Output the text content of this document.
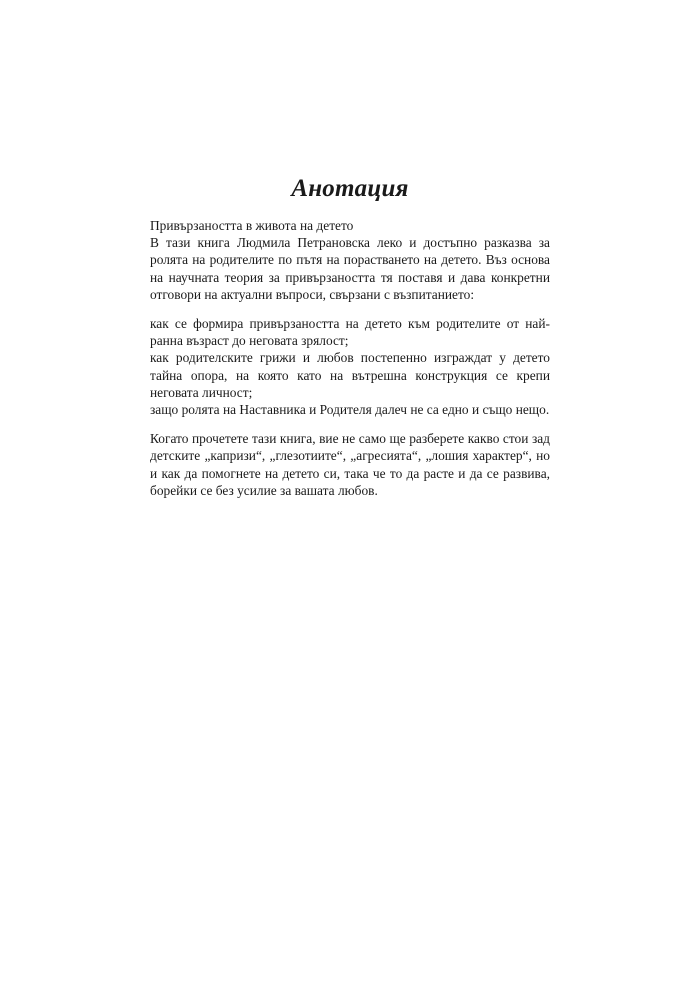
Анотация

Привързаността в живота на детето

В тази книга Людмила Петрановска леко и достъпно разказва за ролята на родителите по пътя на порастването на детето. Въз основа на научната теория за привързаността тя поставя и дава конкретни отговори на актуални въпроси, свързани с възпитанието:

как се формира привързаността на детето към родителите от най-ранна възраст до неговата зрялост;

как родителските грижи и любов постепенно изграждат у детето тайна опора, на която като на вътрешна конструкция се крепи неговата личност;

защо ролята на Наставника и Родителя далеч не са едно и също нещо.

Когато прочетете тази книга, вие не само ще разберете какво стои зад детските „капризи“, „глезотиите“, „агресията“, „лошия характер“, но и как да помогнете на детето си, така че то да расте и да се развива, борейки се без усилие за вашата любов.
